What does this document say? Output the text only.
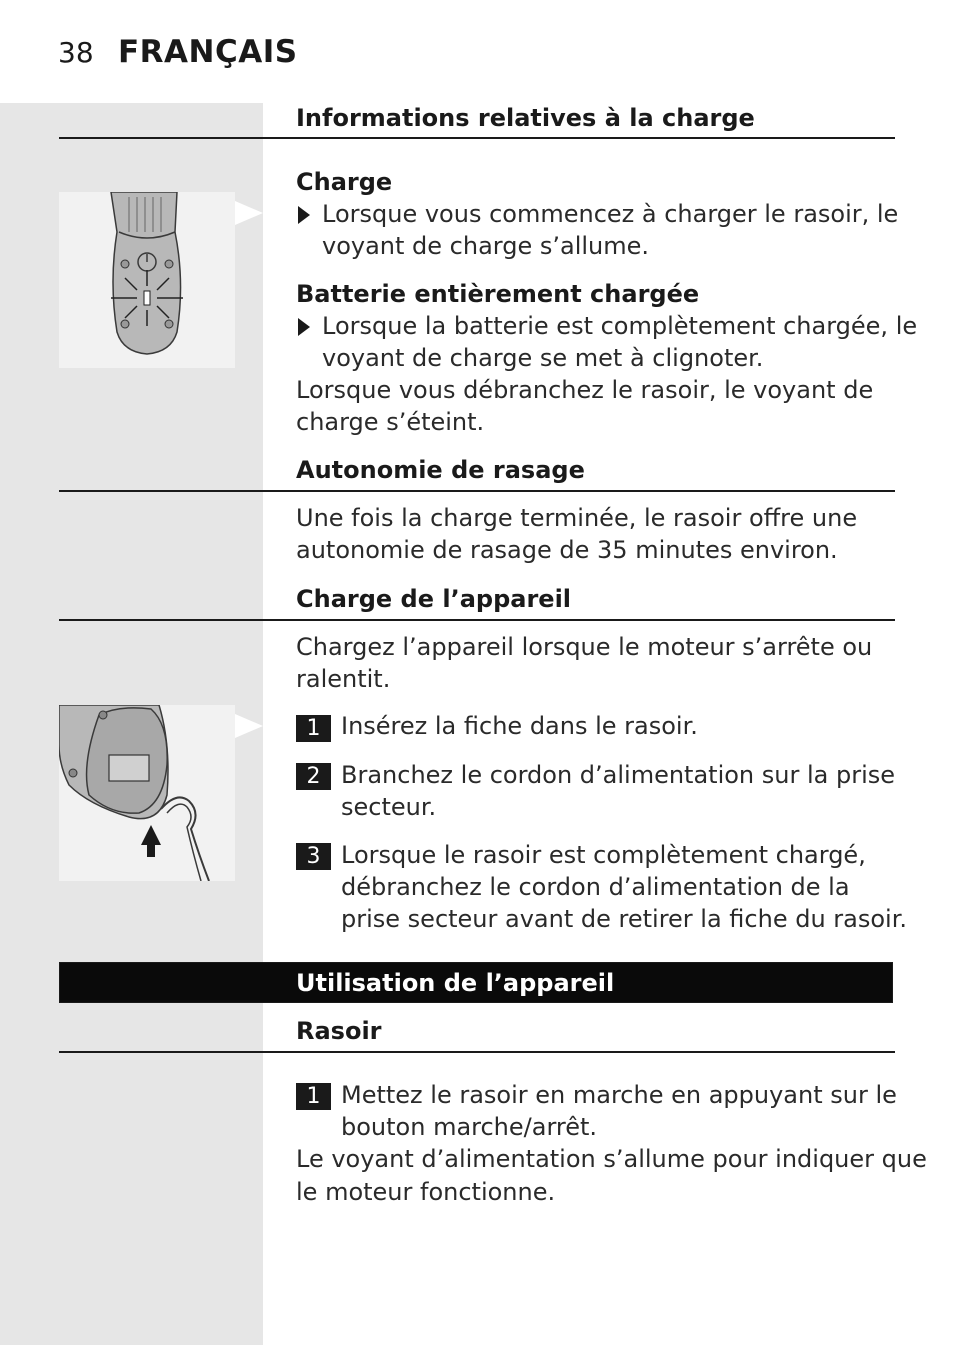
38 FRANÇAIS
Informations relatives à la charge
Charge
Lorsque vous commencez à charger le rasoir, le
voyant de charge s’allume.
Batterie entièrement chargée
Lorsque la batterie est complètement chargée, le
voyant de charge se met à clignoter.
Lorsque vous débranchez le rasoir, le voyant de
charge s’éteint.
Autonomie de rasage
Une fois la charge terminée, le rasoir offre une
autonomie de rasage de 35 minutes environ.
Charge de l’appareil
Chargez l’appareil lorsque le moteur s’arrête ou
ralentit.
1 Insérez la fiche dans le rasoir.
2 Branchez le cordon d’alimentation sur la prise
secteur.
3 Lorsque le rasoir est complètement chargé,
débranchez le cordon d’alimentation de la
prise secteur avant de retirer la fiche du rasoir.
Utilisation de l’appareil
Rasoir
1 Mettez le rasoir en marche en appuyant sur le
bouton marche/arrêt.
Le voyant d’alimentation s’allume pour indiquer que
le moteur fonctionne.
